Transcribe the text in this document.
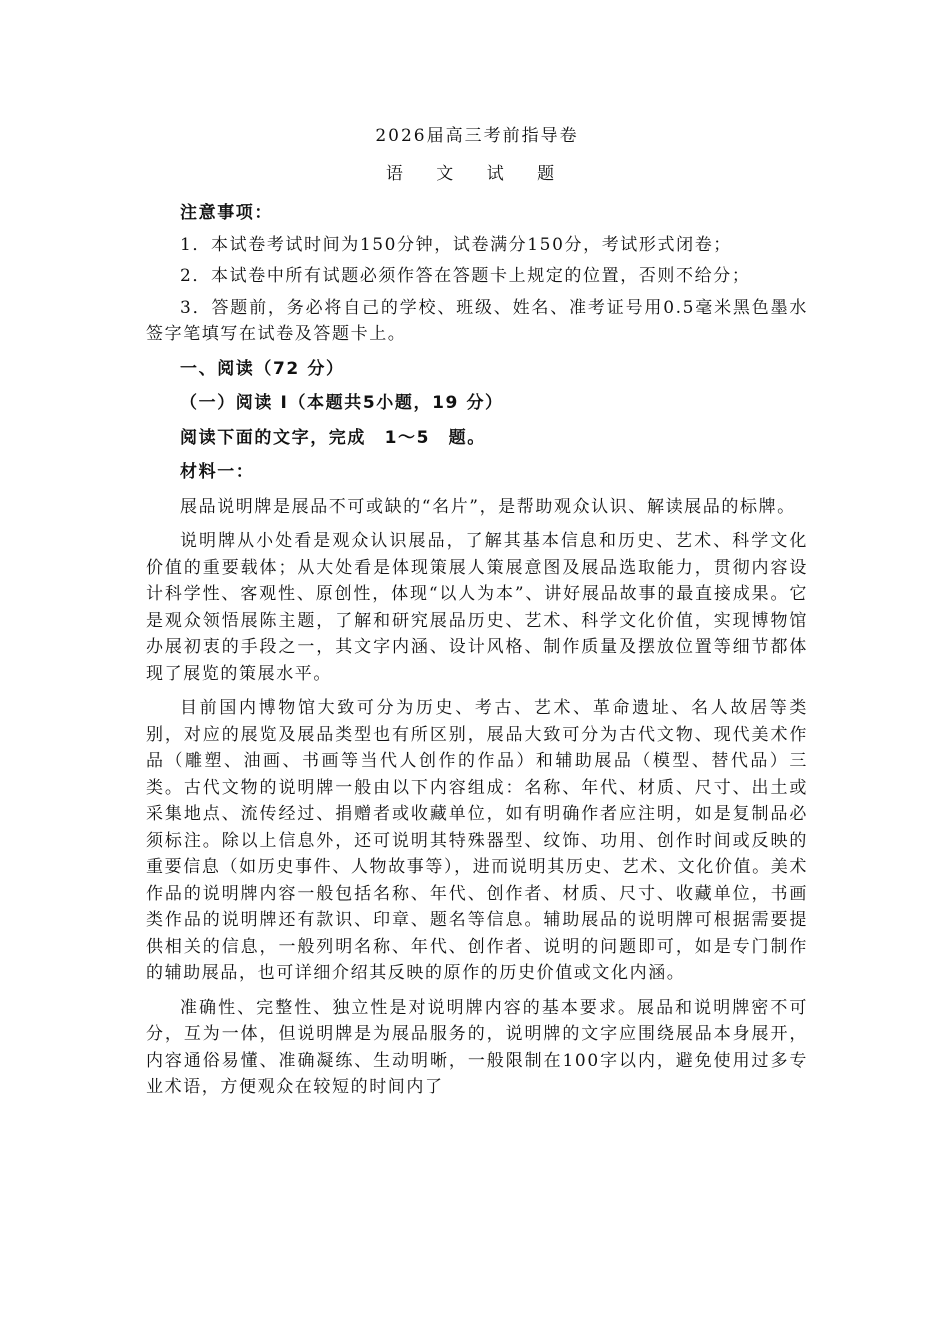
2026届高三考前指导卷
语 文 试 题

注意事项：

1．本试卷考试时间为150分钟，试卷满分150分，考试形式闭卷；

2．本试卷中所有试题必须作答在答题卡上规定的位置，否则不给分；

3．答题前，务必将自己的学校、班级、姓名、准考证号用0.5毫米黑色墨水签字笔填写在试卷及答题卡上。

一、阅读（72 分）

（一）阅读 I（本题共5小题，19 分）

阅读下面的文字，完成　1～5　题。

材料一：

展品说明牌是展品不可或缺的“名片”，是帮助观众认识、解读展品的标牌。

说明牌从小处看是观众认识展品，了解其基本信息和历史、艺术、科学文化价值的重要载体；从大处看是体现策展人策展意图及展品选取能力，贯彻内容设计科学性、客观性、原创性，体现“以人为本”、讲好展品故事的最直接成果。它是观众领悟展陈主题，了解和研究展品历史、艺术、科学文化价值，实现博物馆办展初衷的手段之一，其文字内涵、设计风格、制作质量及摆放位置等细节都体现了展览的策展水平。

目前国内博物馆大致可分为历史、考古、艺术、革命遗址、名人故居等类别，对应的展览及展品类型也有所区别，展品大致可分为古代文物、现代美术作品（雕塑、油画、书画等当代人创作的作品）和辅助展品（模型、替代品）三类。古代文物的说明牌一般由以下内容组成：名称、年代、材质、尺寸、出土或采集地点、流传经过、捐赠者或收藏单位，如有明确作者应注明，如是复制品必须标注。除以上信息外，还可说明其特殊器型、纹饰、功用、创作时间或反映的重要信息（如历史事件、人物故事等），进而说明其历史、艺术、文化价值。美术作品的说明牌内容一般包括名称、年代、创作者、材质、尺寸、收藏单位，书画类作品的说明牌还有款识、印章、题名等信息。辅助展品的说明牌可根据需要提供相关的信息，一般列明名称、年代、创作者、说明的问题即可，如是专门制作的辅助展品，也可详细介绍其反映的原作的历史价值或文化内涵。

准确性、完整性、独立性是对说明牌内容的基本要求。展品和说明牌密不可分，互为一体，但说明牌是为展品服务的，说明牌的文字应围绕展品本身展开，内容通俗易懂、准确凝练、生动明晰，一般限制在100字以内，避免使用过多专业术语，方便观众在较短的时间内了
